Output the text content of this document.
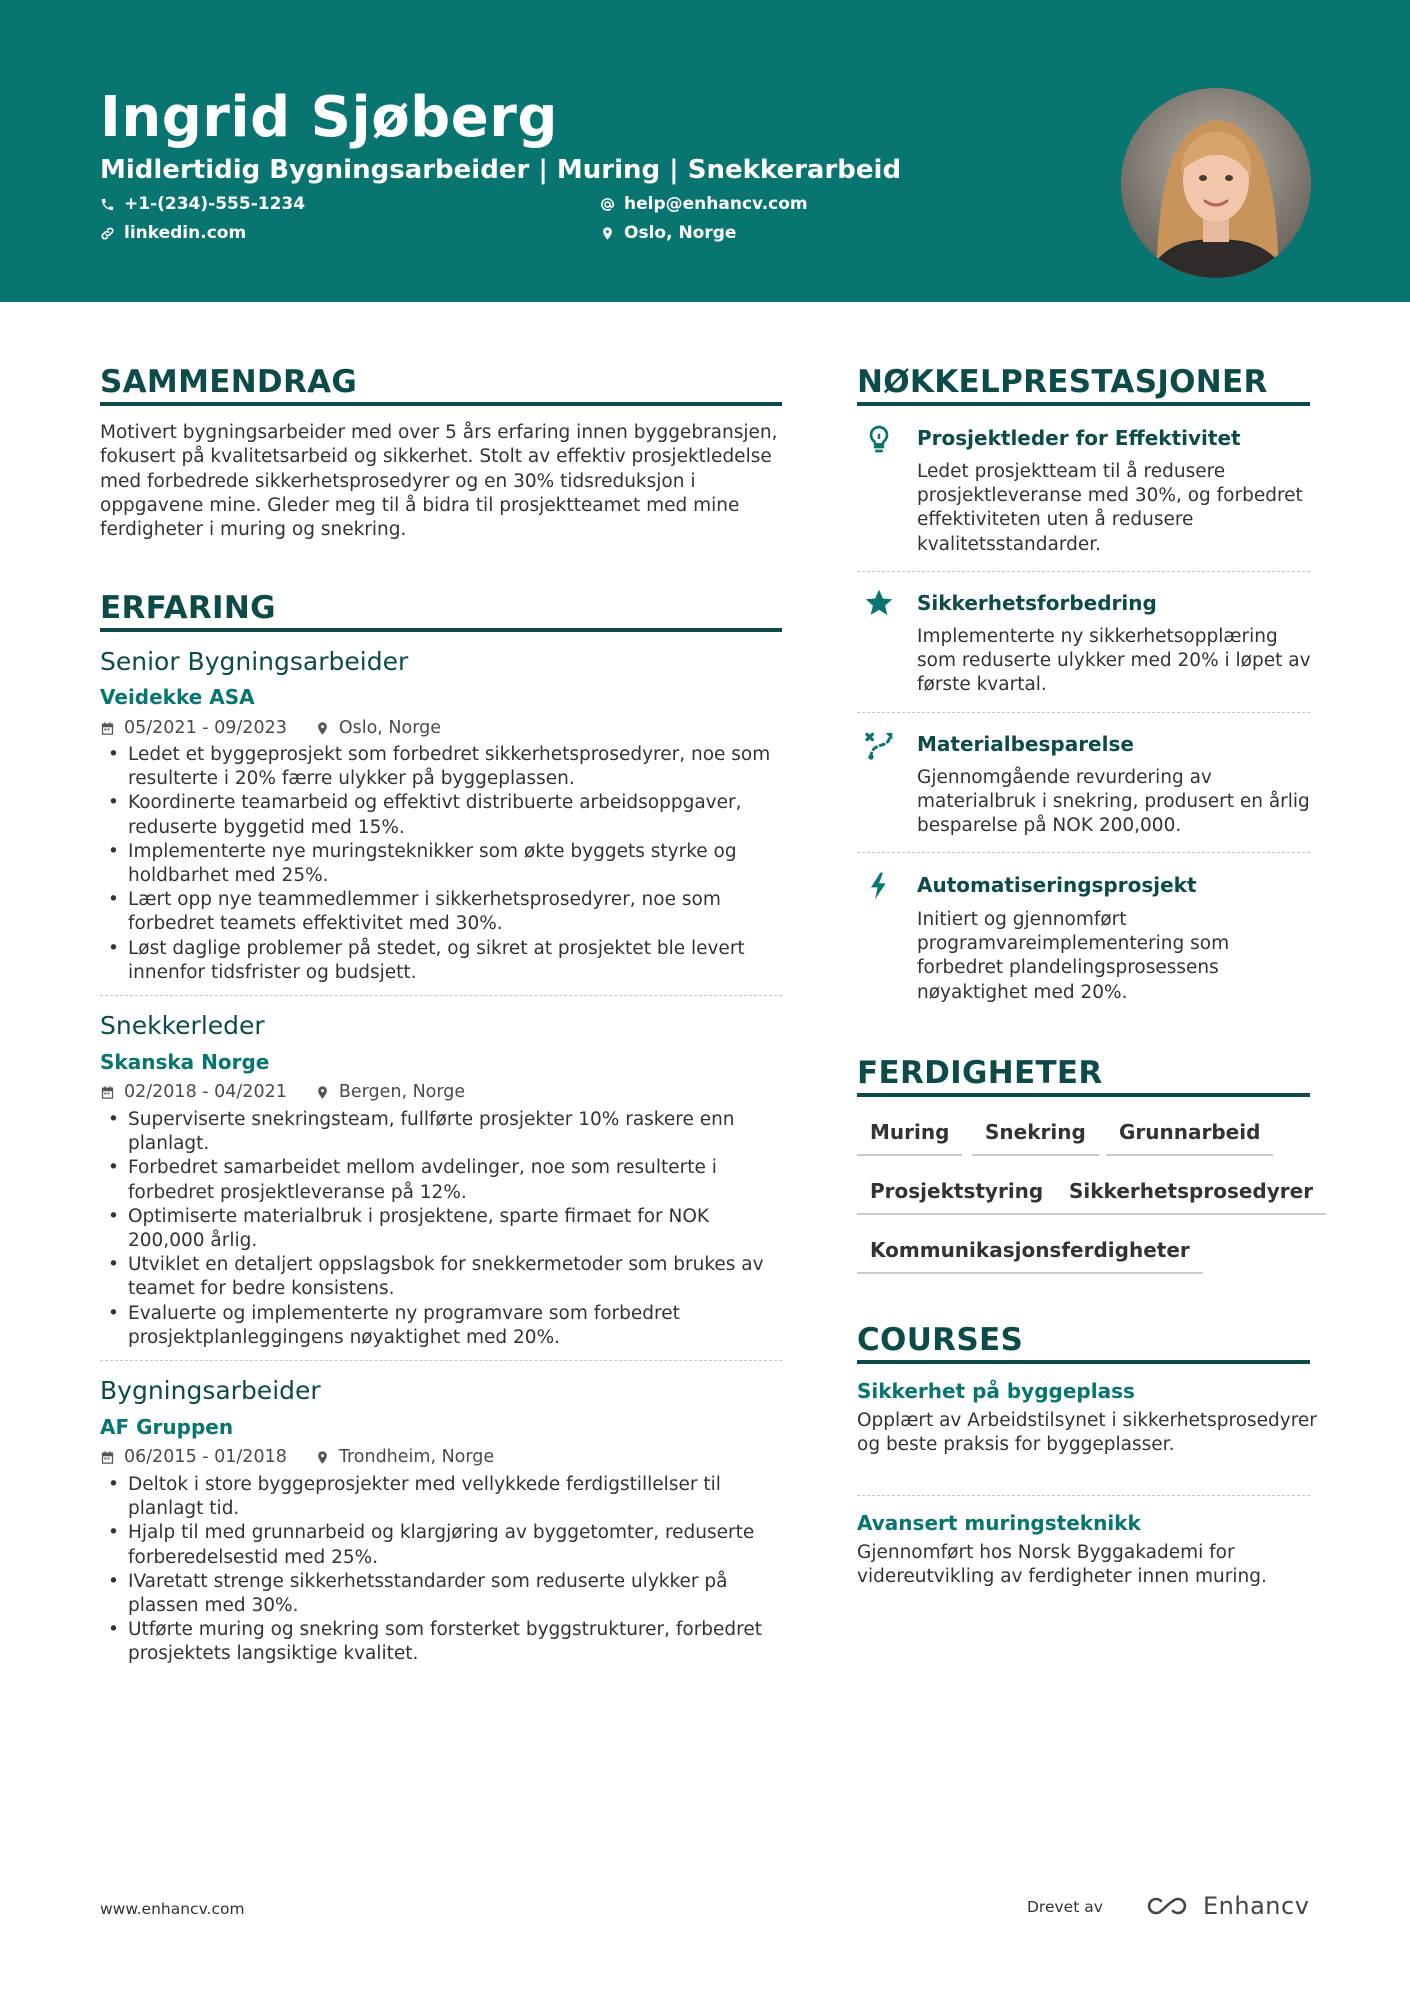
Ingrid Sjøberg
Midlertidig Bygningsarbeider | Muring | Snekkerarbeid
+1-(234)-555-1234	help@enhancv.com
linkedin.com	Oslo, Norge
SAMMENDRAG
Motivert bygningsarbeider med over 5 års erfaring innen byggebransjen, fokusert på kvalitetsarbeid og sikkerhet. Stolt av effektiv prosjektledelse med forbedrede sikkerhetsprosedyrer og en 30% tidsreduksjon i oppgavene mine. Gleder meg til å bidra til prosjektteamet med mine ferdigheter i muring og snekring.
ERFARING
Senior Bygningsarbeider
Veidekke ASA
05/2021 - 09/2023	Oslo, Norge
• Ledet et byggeprosjekt som forbedret sikkerhetsprosedyrer, noe som resulterte i 20% færre ulykker på byggeplassen.
• Koordinerte teamarbeid og effektivt distribuerte arbeidsoppgaver, reduserte byggetid med 15%.
• Implementerte nye muringsteknikker som økte byggets styrke og holdbarhet med 25%.
• Lært opp nye teammedlemmer i sikkerhetsprosedyrer, noe som forbedret teamets effektivitet med 30%.
• Løst daglige problemer på stedet, og sikret at prosjektet ble levert innenfor tidsfrister og budsjett.
Snekkerleder
Skanska Norge
02/2018 - 04/2021	Bergen, Norge
• Superviserte snekringsteam, fullførte prosjekter 10% raskere enn planlagt.
• Forbedret samarbeidet mellom avdelinger, noe som resulterte i forbedret prosjektleveranse på 12%.
• Optimiserte materialbruk i prosjektene, sparte firmaet for NOK 200,000 årlig.
• Utviklet en detaljert oppslagsbok for snekkermetoder som brukes av teamet for bedre konsistens.
• Evaluerte og implementerte ny programvare som forbedret prosjektplanleggingens nøyaktighet med 20%.
Bygningsarbeider
AF Gruppen
06/2015 - 01/2018	Trondheim, Norge
• Deltok i store byggeprosjekter med vellykkede ferdigstillelser til planlagt tid.
• Hjalp til med grunnarbeid og klargjøring av byggetomter, reduserte forberedelsestid med 25%.
• IVaretatt strenge sikkerhetsstandarder som reduserte ulykker på plassen med 30%.
• Utførte muring og snekring som forsterket byggstrukturer, forbedret prosjektets langsiktige kvalitet.
NØKKELPRESTASJONER
Prosjektleder for Effektivitet
Ledet prosjektteam til å redusere prosjektleveranse med 30%, og forbedret effektiviteten uten å redusere kvalitetsstandarder.
Sikkerhetsforbedring
Implementerte ny sikkerhetsopplæring som reduserte ulykker med 20% i løpet av første kvartal.
Materialbesparelse
Gjennomgående revurdering av materialbruk i snekring, produsert en årlig besparelse på NOK 200,000.
Automatiseringsprosjekt
Initiert og gjennomført programvareimplementering som forbedret plandelingsprosessens nøyaktighet med 20%.
FERDIGHETER
Muring	Snekring	Grunnarbeid
Prosjektstyring	Sikkerhetsprosedyrer
Kommunikasjonsferdigheter
COURSES
Sikkerhet på byggeplass
Opplært av Arbeidstilsynet i sikkerhetsprosedyrer og beste praksis for byggeplasser.
Avansert muringsteknikk
Gjennomført hos Norsk Byggakademi for videreutvikling av ferdigheter innen muring.
www.enhancv.com	Drevet av	Enhancv
